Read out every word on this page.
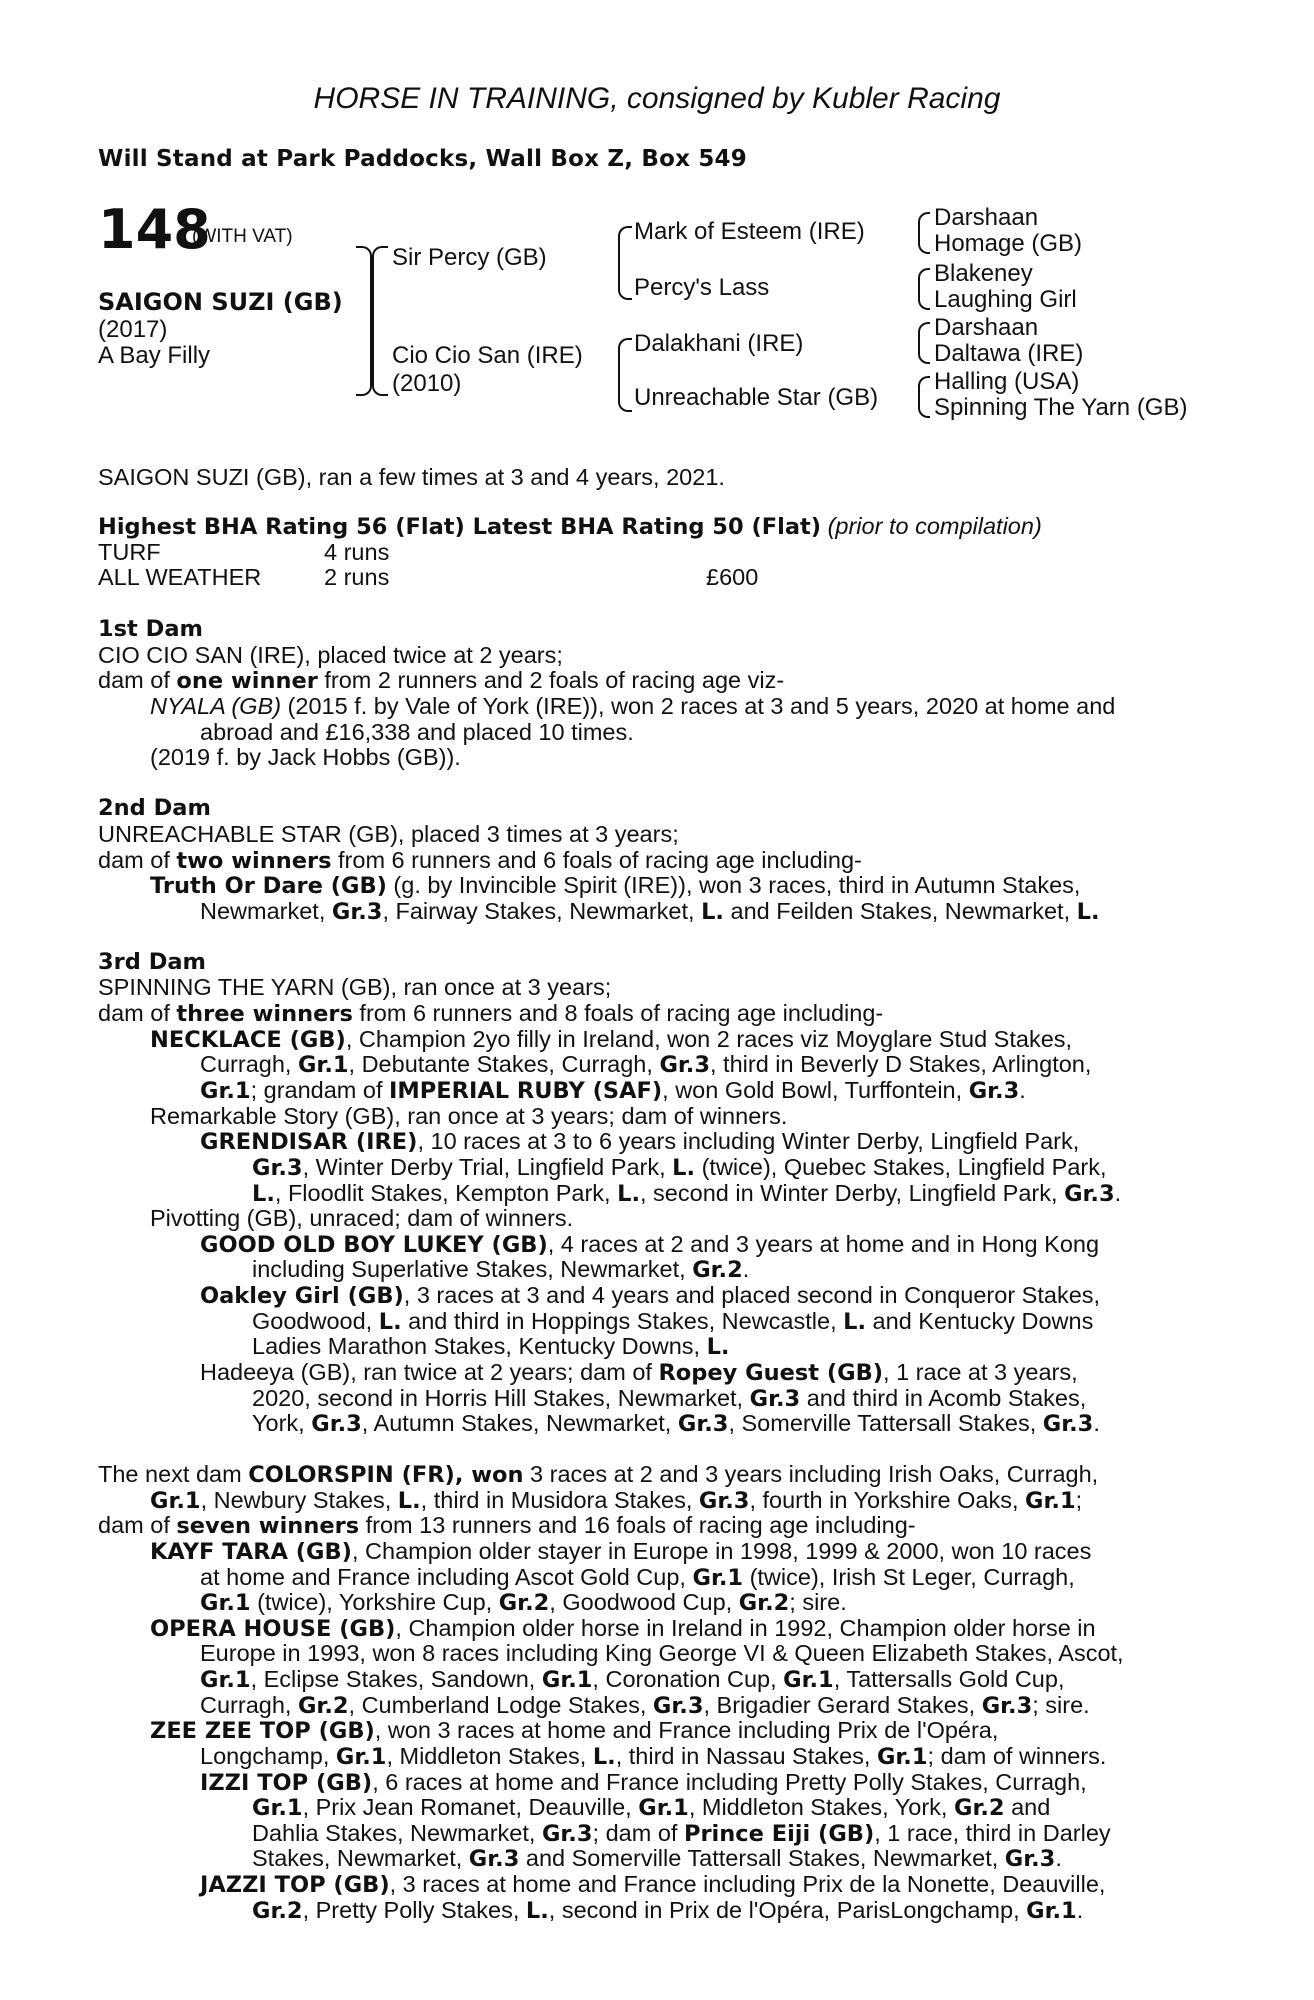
HORSE IN TRAINING, consigned by Kubler Racing
Will Stand at Park Paddocks, Wall Box Z, Box 549
148
(WITH VAT)
SAIGON SUZI (GB)
(2017)
A Bay Filly
Sir Percy (GB)
Cio Cio San (IRE)
(2010)
Mark of Esteem (IRE)
Percy's Lass
Dalakhani (IRE)
Unreachable Star (GB)
Darshaan
Homage (GB)
Blakeney
Laughing Girl
Darshaan
Daltawa (IRE)
Halling (USA)
Spinning The Yarn (GB)
SAIGON SUZI (GB), ran a few times at 3 and 4 years, 2021.
Highest BHA Rating 56 (Flat) Latest BHA Rating 50 (Flat) (prior to compilation)
TURF	4 runs
ALL WEATHER	2 runs	£600
1st Dam
CIO CIO SAN (IRE), placed twice at 2 years;
dam of one winner from 2 runners and 2 foals of racing age viz-
NYALA (GB) (2015 f. by Vale of York (IRE)), won 2 races at 3 and 5 years, 2020 at home and
abroad and £16,338 and placed 10 times.
(2019 f. by Jack Hobbs (GB)).
2nd Dam
UNREACHABLE STAR (GB), placed 3 times at 3 years;
dam of two winners from 6 runners and 6 foals of racing age including-
Truth Or Dare (GB) (g. by Invincible Spirit (IRE)), won 3 races, third in Autumn Stakes,
Newmarket, Gr.3, Fairway Stakes, Newmarket, L. and Feilden Stakes, Newmarket, L.
3rd Dam
SPINNING THE YARN (GB), ran once at 3 years;
dam of three winners from 6 runners and 8 foals of racing age including-
NECKLACE (GB), Champion 2yo filly in Ireland, won 2 races viz Moyglare Stud Stakes,
Curragh, Gr.1, Debutante Stakes, Curragh, Gr.3, third in Beverly D Stakes, Arlington,
Gr.1; grandam of IMPERIAL RUBY (SAF), won Gold Bowl, Turffontein, Gr.3.
Remarkable Story (GB), ran once at 3 years; dam of winners.
GRENDISAR (IRE), 10 races at 3 to 6 years including Winter Derby, Lingfield Park,
Gr.3, Winter Derby Trial, Lingfield Park, L. (twice), Quebec Stakes, Lingfield Park,
L., Floodlit Stakes, Kempton Park, L., second in Winter Derby, Lingfield Park, Gr.3.
Pivotting (GB), unraced; dam of winners.
GOOD OLD BOY LUKEY (GB), 4 races at 2 and 3 years at home and in Hong Kong
including Superlative Stakes, Newmarket, Gr.2.
Oakley Girl (GB), 3 races at 3 and 4 years and placed second in Conqueror Stakes,
Goodwood, L. and third in Hoppings Stakes, Newcastle, L. and Kentucky Downs
Ladies Marathon Stakes, Kentucky Downs, L.
Hadeeya (GB), ran twice at 2 years; dam of Ropey Guest (GB), 1 race at 3 years,
2020, second in Horris Hill Stakes, Newmarket, Gr.3 and third in Acomb Stakes,
York, Gr.3, Autumn Stakes, Newmarket, Gr.3, Somerville Tattersall Stakes, Gr.3.
The next dam COLORSPIN (FR), won 3 races at 2 and 3 years including Irish Oaks, Curragh,
Gr.1, Newbury Stakes, L., third in Musidora Stakes, Gr.3, fourth in Yorkshire Oaks, Gr.1;
dam of seven winners from 13 runners and 16 foals of racing age including-
KAYF TARA (GB), Champion older stayer in Europe in 1998, 1999 & 2000, won 10 races
at home and France including Ascot Gold Cup, Gr.1 (twice), Irish St Leger, Curragh,
Gr.1 (twice), Yorkshire Cup, Gr.2, Goodwood Cup, Gr.2; sire.
OPERA HOUSE (GB), Champion older horse in Ireland in 1992, Champion older horse in
Europe in 1993, won 8 races including King George VI & Queen Elizabeth Stakes, Ascot,
Gr.1, Eclipse Stakes, Sandown, Gr.1, Coronation Cup, Gr.1, Tattersalls Gold Cup,
Curragh, Gr.2, Cumberland Lodge Stakes, Gr.3, Brigadier Gerard Stakes, Gr.3; sire.
ZEE ZEE TOP (GB), won 3 races at home and France including Prix de l'Opéra,
Longchamp, Gr.1, Middleton Stakes, L., third in Nassau Stakes, Gr.1; dam of winners.
IZZI TOP (GB), 6 races at home and France including Pretty Polly Stakes, Curragh,
Gr.1, Prix Jean Romanet, Deauville, Gr.1, Middleton Stakes, York, Gr.2 and
Dahlia Stakes, Newmarket, Gr.3; dam of Prince Eiji (GB), 1 race, third in Darley
Stakes, Newmarket, Gr.3 and Somerville Tattersall Stakes, Newmarket, Gr.3.
JAZZI TOP (GB), 3 races at home and France including Prix de la Nonette, Deauville,
Gr.2, Pretty Polly Stakes, L., second in Prix de l'Opéra, ParisLongchamp, Gr.1.
